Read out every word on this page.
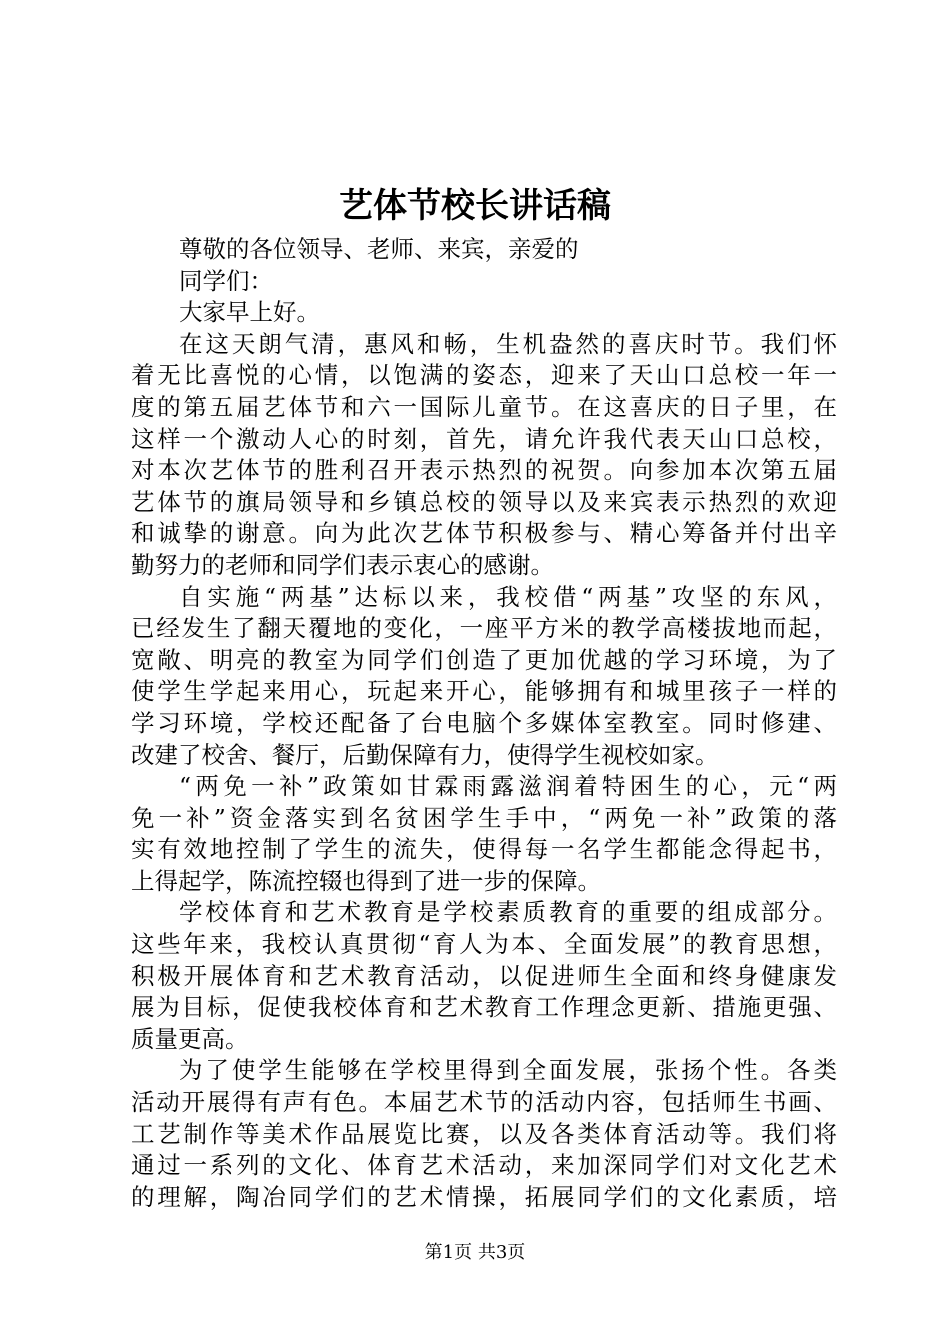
艺体节校长讲话稿
尊敬的各位领导、老师、来宾，亲爱的
同学们：
大家早上好。
在这天朗气清，惠风和畅，生机盎然的喜庆时节。我们怀
着无比喜悦的心情，以饱满的姿态，迎来了天山口总校一年一
度的第五届艺体节和六一国际儿童节。在这喜庆的日子里，在
这样一个激动人心的时刻，首先，请允许我代表天山口总校，
对本次艺体节的胜利召开表示热烈的祝贺。向参加本次第五届
艺体节的旗局领导和乡镇总校的领导以及来宾表示热烈的欢迎
和诚挚的谢意。向为此次艺体节积极参与、精心筹备并付出辛
勤努力的老师和同学们表示衷心的感谢。
自实施“两基”达标以来，我校借“两基”攻坚的东风，
已经发生了翻天覆地的变化，一座平方米的教学高楼拔地而起，
宽敞、明亮的教室为同学们创造了更加优越的学习环境，为了
使学生学起来用心，玩起来开心，能够拥有和城里孩子一样的
学习环境，学校还配备了台电脑个多媒体室教室。同时修建、
改建了校舍、餐厅，后勤保障有力，使得学生视校如家。
“两免一补”政策如甘霖雨露滋润着特困生的心，元“两
免一补”资金落实到名贫困学生手中，“两免一补”政策的落
实有效地控制了学生的流失，使得每一名学生都能念得起书，
上得起学，陈流控辍也得到了进一步的保障。
学校体育和艺术教育是学校素质教育的重要的组成部分。
这些年来，我校认真贯彻“育人为本、全面发展”的教育思想，
积极开展体育和艺术教育活动，以促进师生全面和终身健康发
展为目标，促使我校体育和艺术教育工作理念更新、措施更强、
质量更高。
为了使学生能够在学校里得到全面发展，张扬个性。各类
活动开展得有声有色。本届艺术节的活动内容，包括师生书画、
工艺制作等美术作品展览比赛，以及各类体育活动等。我们将
通过一系列的文化、体育艺术活动，来加深同学们对文化艺术
的理解，陶冶同学们的艺术情操，拓展同学们的文化素质，培
第1页 共3页
